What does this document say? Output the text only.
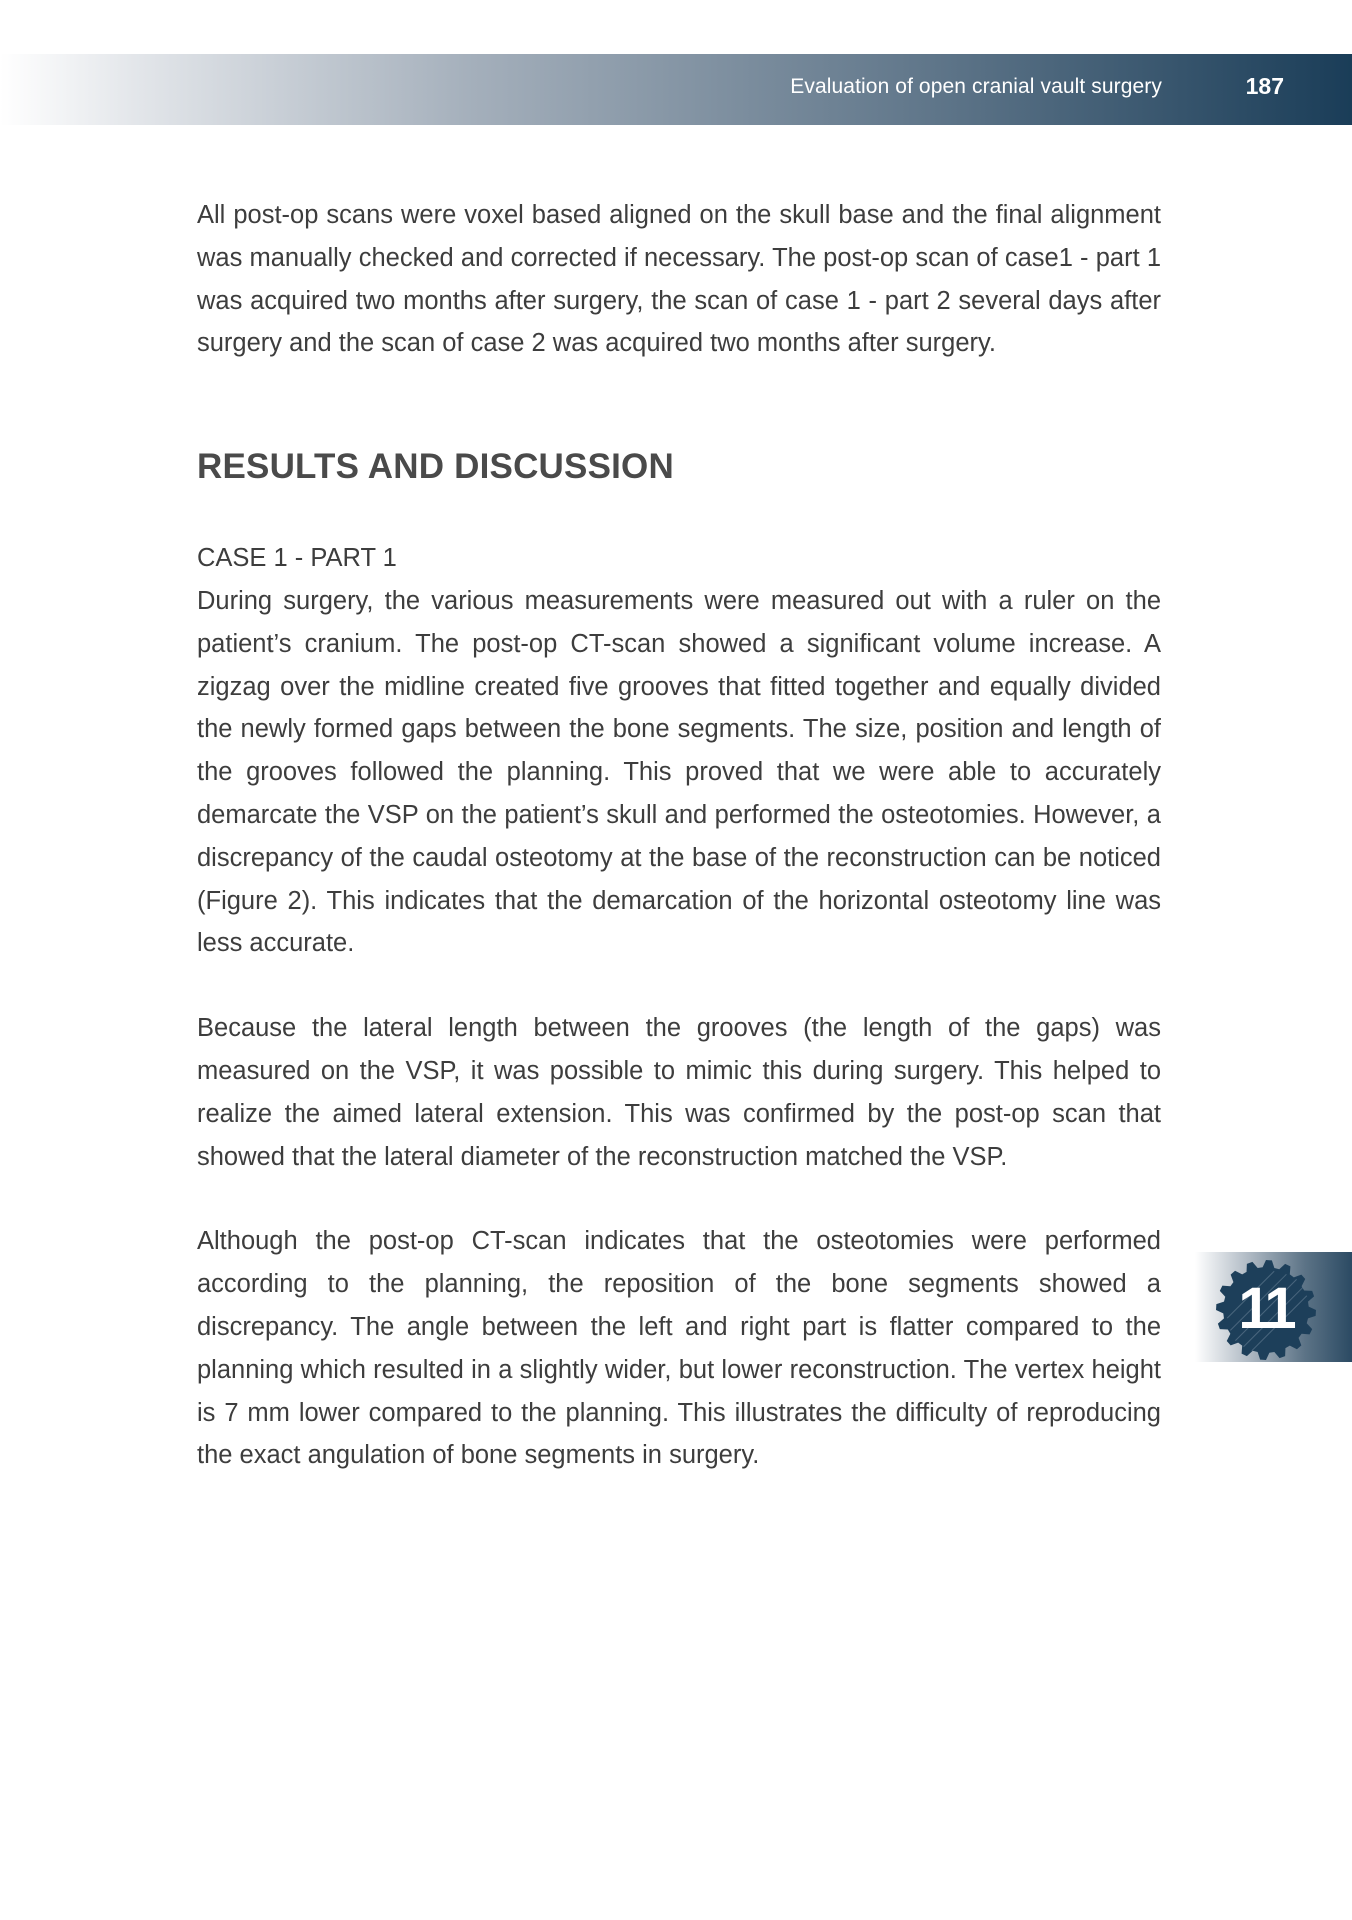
Evaluation of open cranial vault surgery	187

All post-op scans were voxel based aligned on the skull base and the final alignment was manually checked and corrected if necessary. The post-op scan of case1 - part 1 was acquired two months after surgery, the scan of case 1 - part 2 several days after surgery and the scan of case 2 was acquired two months after surgery.

RESULTS AND DISCUSSION
CASE 1 - PART 1

During surgery, the various measurements were measured out with a ruler on the patient’s cranium. The post-op CT-scan showed a significant volume increase. A zigzag over the midline created five grooves that fitted together and equally divided the newly formed gaps between the bone segments. The size, position and length of the grooves followed the planning. This proved that we were able to accurately demarcate the VSP on the patient’s skull and performed the osteotomies. However, a discrepancy of the caudal osteotomy at the base of the reconstruction can be noticed (Figure 2). This indicates that the demarcation of the horizontal osteotomy line was less accurate.

Because the lateral length between the grooves (the length of the gaps) was measured on the VSP, it was possible to mimic this during surgery. This helped to realize the aimed lateral extension. This was confirmed by the post-op scan that showed that the lateral diameter of the reconstruction matched the VSP.

Although the post-op CT-scan indicates that the osteotomies were performed according to the planning, the reposition of the bone segments showed a discrepancy. The angle between the left and right part is flatter compared to the planning which resulted in a slightly wider, but lower reconstruction. The vertex height is 7 mm lower compared to the planning. This illustrates the difficulty of reproducing the exact angulation of bone segments in surgery.

11
